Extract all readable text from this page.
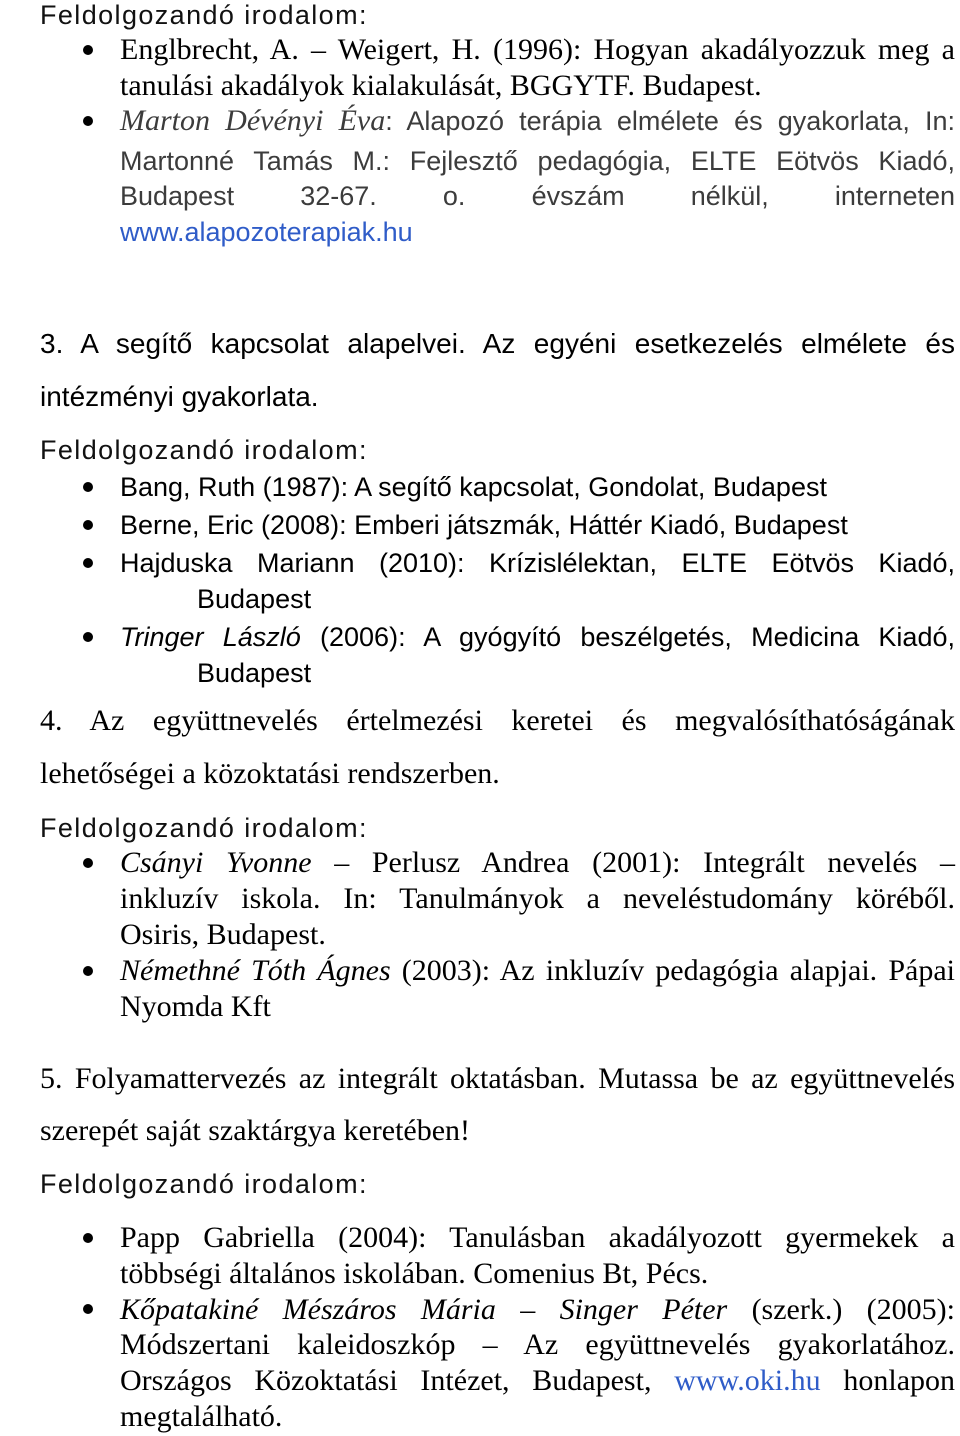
Feldolgozandó irodalom:
Englbrecht, A. – Weigert, H. (1996): Hogyan akadályozzuk meg a
tanulási akadályok kialakulását, BGGYTF. Budapest.
Marton Dévényi Éva: Alapozó terápia elmélete és gyakorlata, In:
Martonné Tamás M.: Fejlesztő pedagógia, ELTE Eötvös Kiadó,
Budapest 32-67. o. évszám nélkül, interneten
www.alapozoterapiak.hu
3. A segítő kapcsolat alapelvei. Az egyéni esetkezelés elmélete és
intézményi gyakorlata.
Feldolgozandó irodalom:
Bang, Ruth (1987): A segítő kapcsolat, Gondolat, Budapest
Berne, Eric (2008): Emberi játszmák, Háttér Kiadó, Budapest
Hajduska Mariann (2010): Krízislélektan, ELTE Eötvös Kiadó,
Budapest
Tringer László (2006): A gyógyító beszélgetés, Medicina Kiadó,
Budapest
4. Az együttnevelés értelmezési keretei és megvalósíthatóságának
lehetőségei a közoktatási rendszerben.
Feldolgozandó irodalom:
Csányi Yvonne – Perlusz Andrea (2001): Integrált nevelés –
inkluzív iskola. In: Tanulmányok a neveléstudomány köréből.
Osiris, Budapest.
Némethné Tóth Ágnes (2003): Az inkluzív pedagógia alapjai. Pápai
Nyomda Kft
5. Folyamattervezés az integrált oktatásban. Mutassa be az együttnevelés
szerepét saját szaktárgya keretében!
Feldolgozandó irodalom:
Papp Gabriella (2004): Tanulásban akadályozott gyermekek a
többségi általános iskolában. Comenius Bt, Pécs.
Kőpatakiné Mészáros Mária – Singer Péter (szerk.) (2005):
Módszertani kaleidoszkóp – Az együttnevelés gyakorlatához.
Országos Közoktatási Intézet, Budapest, www.oki.hu honlapon
megtalálható.
